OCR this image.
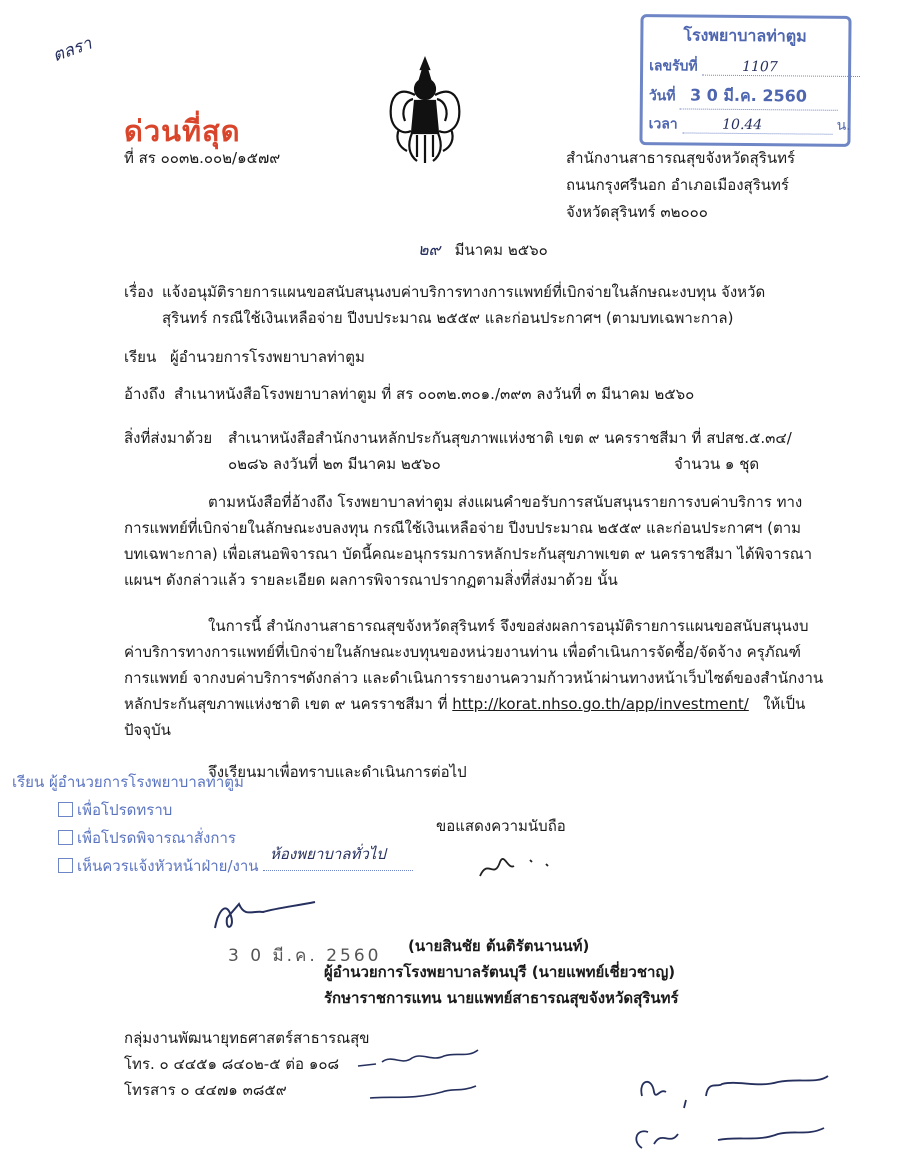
ตลรา	โรงพยาบาลท่าตูม
เลขรับที่	1107
วันที่ 3 0 มี.ค. 2560
เวลา	10.44	น.
ด่วนที่สุด
ที่ สร ๐๐๓๒.๐๐๒/๑๕๗๙	สำนักงานสาธารณสุขจังหวัดสุรินทร์
ถนนกรุงศรีนอก อำเภอเมืองสุรินทร์
จังหวัดสุรินทร์ ๓๒๐๐๐
๒๙ มีนาคม ๒๕๖๐
เรื่อง แจ้งอนุมัติรายการแผนขอสนับสนุนงบค่าบริการทางการแพทย์ที่เบิกจ่ายในลักษณะงบทุน จังหวัด
สุรินทร์ กรณีใช้เงินเหลือจ่าย ปีงบประมาณ ๒๕๕๙ และก่อนประกาศฯ (ตามบทเฉพาะกาล)
เรียน ผู้อำนวยการโรงพยาบาลท่าตูม
อ้างถึง สำเนาหนังสือโรงพยาบาลท่าตูม ที่ สร ๐๐๓๒.๓๐๑./๓๙๓ ลงวันที่ ๓ มีนาคม ๒๕๖๐
สิ่งที่ส่งมาด้วย สำเนาหนังสือสำนักงานหลักประกันสุขภาพแห่งชาติ เขต ๙ นครราชสีมา ที่ สปสช.๕.๓๔/
๐๒๘๖ ลงวันที่ ๒๓ มีนาคม ๒๕๖๐	จำนวน ๑ ชุด
ตามหนังสือที่อ้างถึง โรงพยาบาลท่าตูม ส่งแผนคำขอรับการสนับสนุนรายการงบค่าบริการ ทาง
การแพทย์ที่เบิกจ่ายในลักษณะงบลงทุน กรณีใช้เงินเหลือจ่าย ปีงบประมาณ ๒๕๕๙ และก่อนประกาศฯ (ตาม
บทเฉพาะกาล) เพื่อเสนอพิจารณา บัดนี้คณะอนุกรรมการหลักประกันสุขภาพเขต ๙ นครราชสีมา ได้พิจารณา
แผนฯ ดังกล่าวแล้ว รายละเอียด ผลการพิจารณาปรากฏตามสิ่งที่ส่งมาด้วย นั้น
ในการนี้ สำนักงานสาธารณสุขจังหวัดสุรินทร์ จึงขอส่งผลการอนุมัติรายการแผนขอสนับสนุนงบ
ค่าบริการทางการแพทย์ที่เบิกจ่ายในลักษณะงบทุนของหน่วยงานท่าน เพื่อดำเนินการจัดซื้อ/จัดจ้าง ครุภัณฑ์
การแพทย์ จากงบค่าบริการฯดังกล่าว และดำเนินการรายงานความก้าวหน้าผ่านทางหน้าเว็บไซต์ของสำนักงาน
หลักประกันสุขภาพแห่งชาติ เขต ๙ นครราชสีมา ที่ http://korat.nhso.go.th/app/investment/ ให้เป็น
ปัจจุบัน
จึงเรียนมาเพื่อทราบและดำเนินการต่อไป
เรียน ผู้อำนวยการโรงพยาบาลท่าตูม
เพื่อโปรดทราบ
เพื่อโปรดพิจารณาสั่งการ
เห็นควรแจ้งหัวหน้าฝ่าย/งาน
ห้องพยาบาลทั่วไป
ขอแสดงความนับถือ
3 0 มี.ค. 2560 (นายสินชัย ต้นติรัตนานนท์)
ผู้อำนวยการโรงพยาบาลรัตนบุรี (นายแพทย์เชี่ยวชาญ)
รักษาราชการแทน นายแพทย์สาธารณสุขจังหวัดสุรินทร์
กลุ่มงานพัฒนายุทธศาสตร์สาธารณสุข
โทร. ๐ ๔๔๕๑ ๘๔๐๒-๕ ต่อ ๑๐๘
โทรสาร ๐ ๔๔๗๑ ๓๘๕๙
